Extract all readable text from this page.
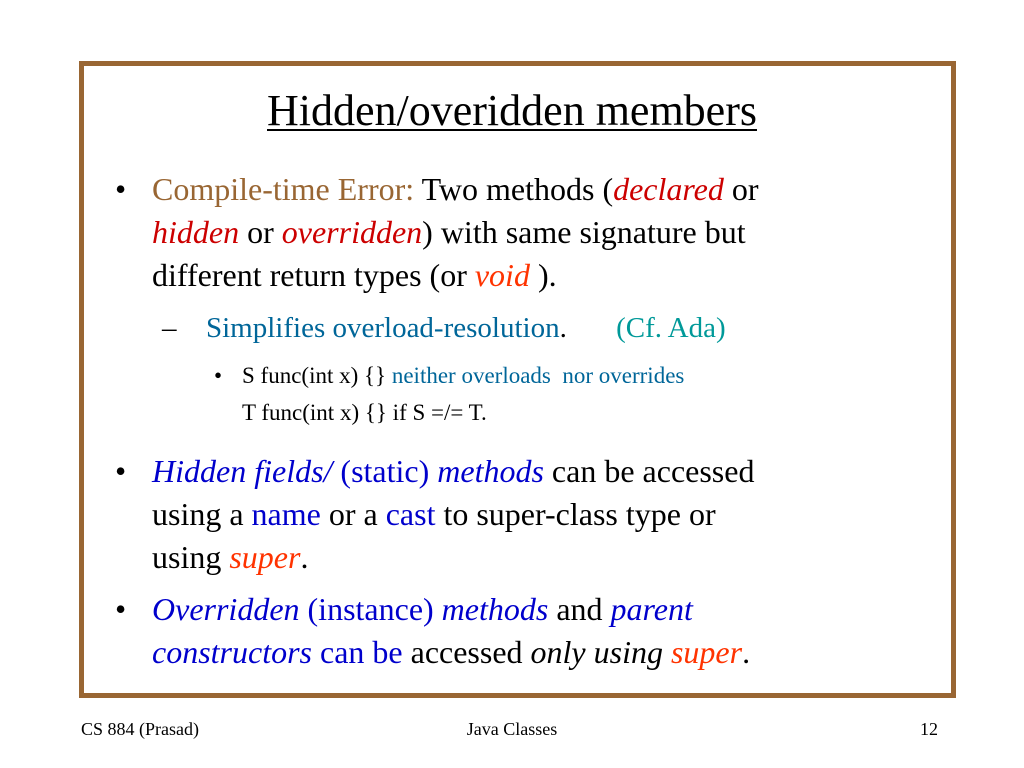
Hidden/overidden members
• Compile-time Error: Two methods (declared or
hidden or overridden) with same signature but
different return types (or void ).
– Simplifies overload-resolution. (Cf. Ada)
• S func(int x) {} neither overloads  nor overrides
T func(int x) {} if S =/= T.
• Hidden fields/ (static) methods can be accessed
using a name or a cast to super-class type or
using super.
• Overridden (instance) methods and parent
constructors can be accessed only using super.
CS 884 (Prasad)	Java Classes	12
